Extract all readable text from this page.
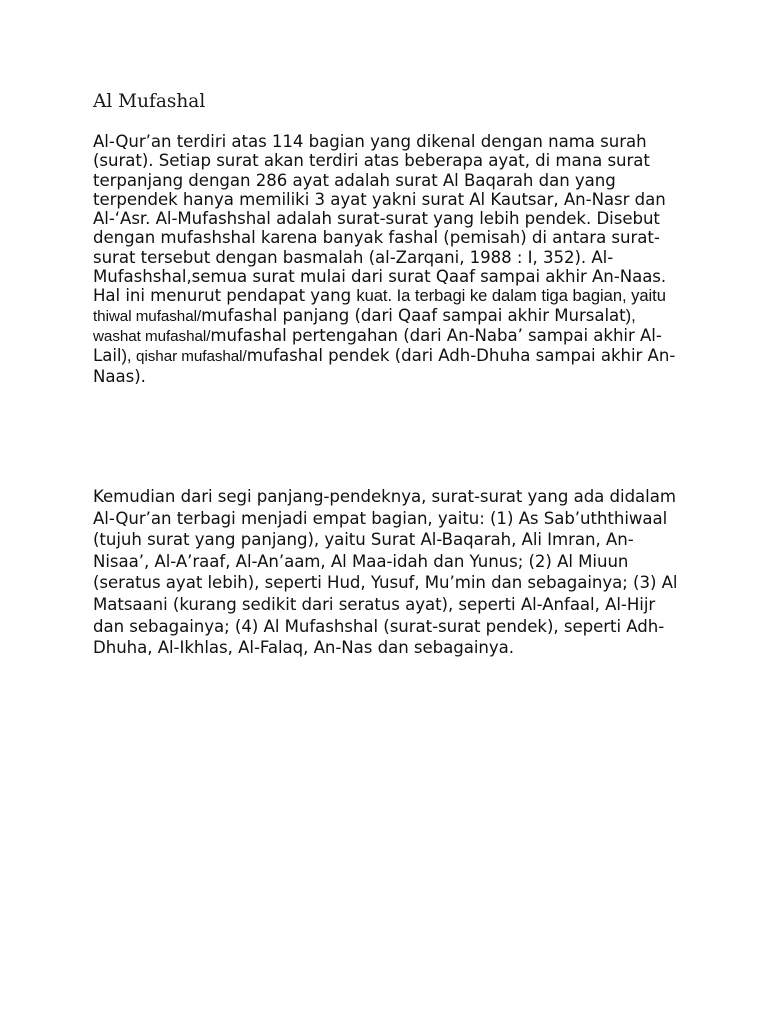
Al Mufashal

Al-Qur’an terdiri atas 114 bagian yang dikenal dengan nama surah (surat). Setiap surat akan terdiri atas beberapa ayat, di mana surat terpanjang dengan 286 ayat adalah surat Al Baqarah dan yang terpendek hanya memiliki 3 ayat yakni surat Al Kautsar, An-Nasr dan Al-‘Asr. Al-Mufashshal adalah surat-surat yang lebih pendek. Disebut dengan mufashshal karena banyak fashal (pemisah) di antara surat-surat tersebut dengan basmalah (al-Zarqani, 1988 : I, 352). Al-Mufashshal,semua surat mulai dari surat Qaaf sampai akhir An-Naas. Hal ini menurut pendapat yang kuat. Ia terbagi ke dalam tiga bagian, yaitu thiwal mufashal/mufashal panjang (dari Qaaf sampai akhir Mursalat), washat mufashal/mufashal pertengahan (dari An-Naba’ sampai akhir Al-Lail), qishar mufashal/mufashal pendek (dari Adh-Dhuha sampai akhir An-Naas).

Kemudian dari segi panjang-pendeknya, surat-surat yang ada didalam Al-Qur’an terbagi menjadi empat bagian, yaitu: (1) As Sab’uththiwaal (tujuh surat yang panjang), yaitu Surat Al-Baqarah, Ali Imran, An-Nisaa’, Al-A’raaf, Al-An’aam, Al Maa-idah dan Yunus; (2) Al Miuun (seratus ayat lebih), seperti Hud, Yusuf, Mu’min dan sebagainya; (3) Al Matsaani (kurang sedikit dari seratus ayat), seperti Al-Anfaal, Al-Hijr dan sebagainya; (4) Al Mufashshal (surat-surat pendek), seperti Adh-Dhuha, Al-Ikhlas, Al-Falaq, An-Nas dan sebagainya.
